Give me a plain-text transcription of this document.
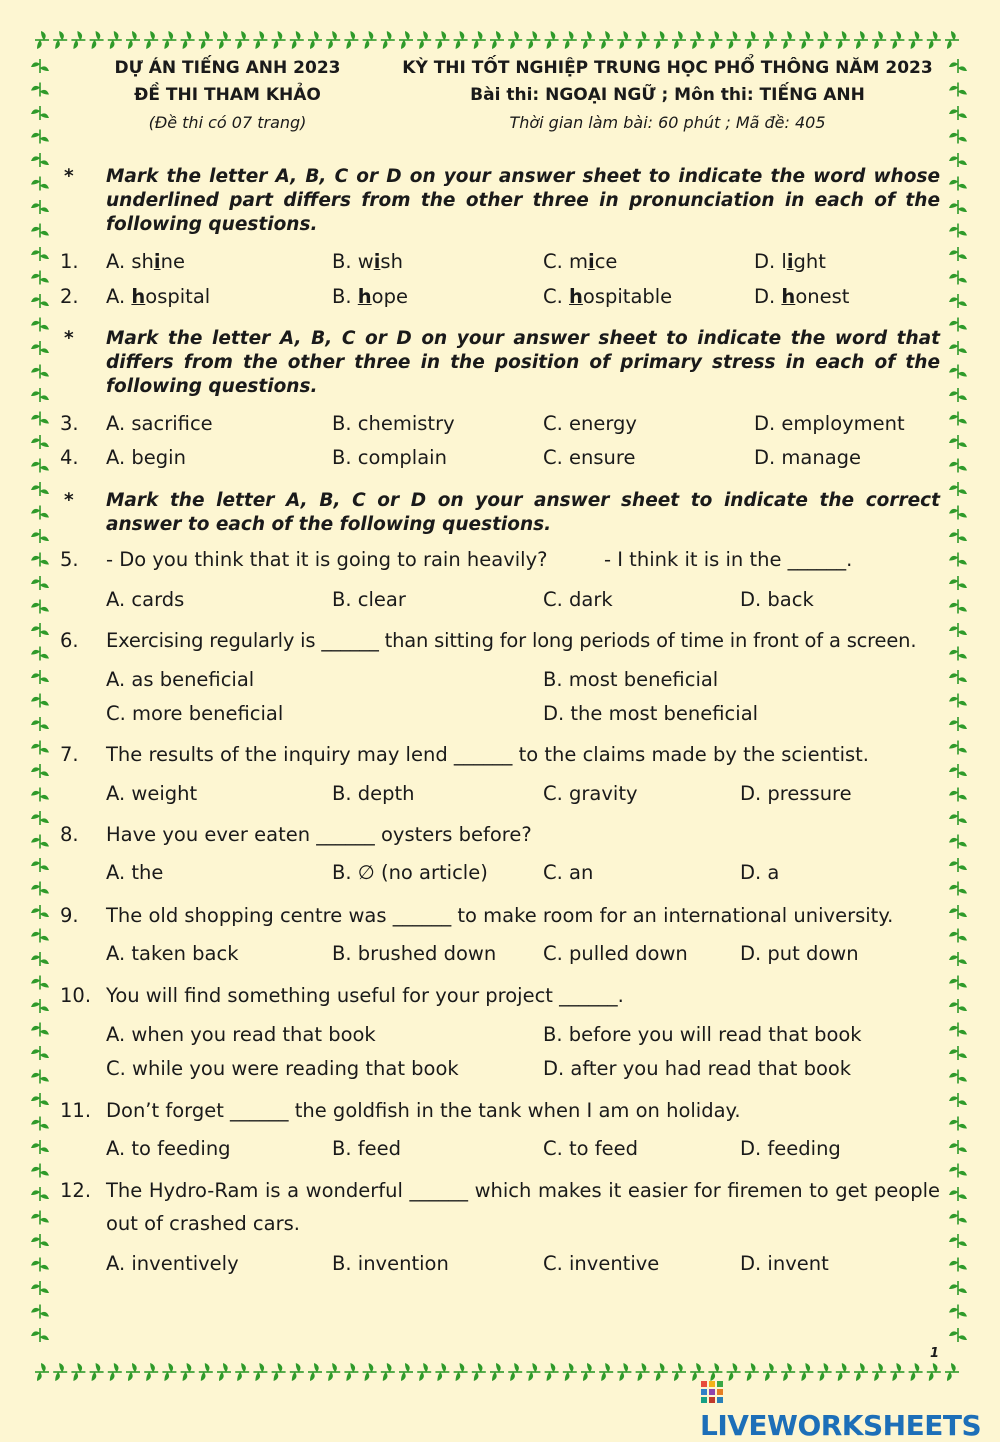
DỰ ÁN TIẾNG ANH 2023
ĐỀ THI THAM KHẢO
(Đề thi có 07 trang)
KỲ THI TỐT NGHIỆP TRUNG HỌC PHỔ THÔNG NĂM 2023
Bài thi: NGOẠI NGỮ ; Môn thi: TIẾNG ANH
Thời gian làm bài: 60 phút ; Mã đề: 405
* Mark the letter A, B, C or D on your answer sheet to indicate the word whose underlined part differs from the other three in pronunciation in each of the following questions.
1. A. shine	B. wish	C. mice	D. light
2. A. hospital	B. hope	C. hospitable	D. honest
* Mark the letter A, B, C or D on your answer sheet to indicate the word that differs from the other three in the position of primary stress in each of the following questions.
3. A. sacrifice	B. chemistry	C. energy	D. employment
4. A. begin	B. complain	C. ensure	D. manage
* Mark the letter A, B, C or D on your answer sheet to indicate the correct answer to each of the following questions.
5. - Do you think that it is going to rain heavily?	- I think it is in the ______.
A. cards	B. clear	C. dark	D. back
6. Exercising regularly is ______ than sitting for long periods of time in front of a screen.
A. as beneficial	B. most beneficial
C. more beneficial	D. the most beneficial
7. The results of the inquiry may lend ______ to the claims made by the scientist.
A. weight	B. depth	C. gravity	D. pressure
8. Have you ever eaten ______ oysters before?
A. the	B. ∅ (no article)	C. an	D. a
9. The old shopping centre was ______ to make room for an international university.
A. taken back	B. brushed down C. pulled down	D. put down
10. You will find something useful for your project ______.
A. when you read that book	B. before you will read that book
C. while you were reading that book	D. after you had read that book
11. Don’t forget ______ the goldfish in the tank when I am on holiday.
A. to feeding	B. feed	C. to feed	D. feeding
12. The Hydro-Ram is a wonderful ______ which makes it easier for firemen to get people out of crashed cars.
A. inventively	B. invention	C. inventive	D. invent
1
LIVEWORKSHEETS
